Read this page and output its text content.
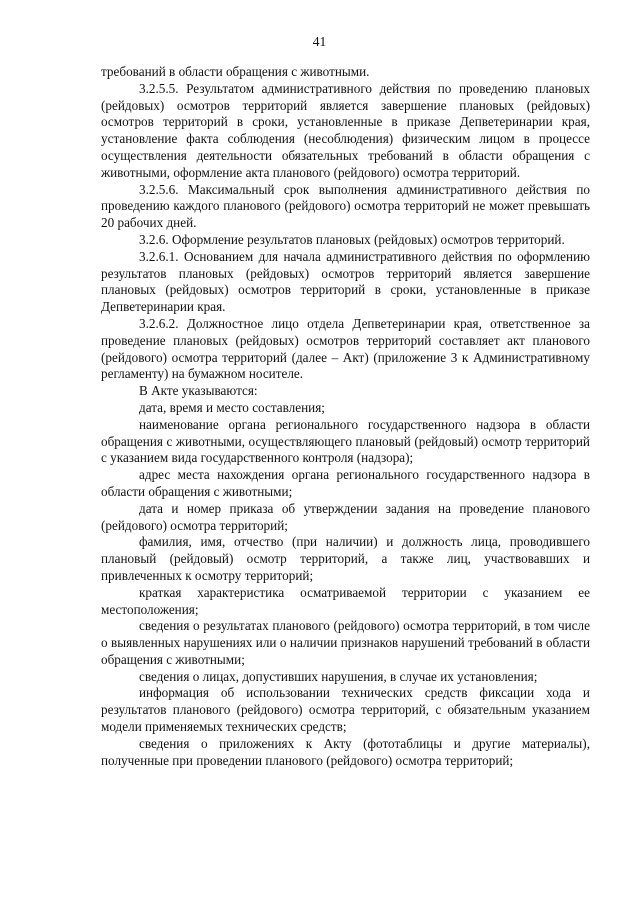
41

требований в области обращения с животными.

3.2.5.5. Результатом административного действия по проведению плановых (рейдовых) осмотров территорий является завершение плановых (рейдовых) осмотров территорий в сроки, установленные в приказе Депветеринарии края, установление факта соблюдения (несоблюдения) физическим лицом в процессе осуществления деятельности обязательных требований в области обращения с животными, оформление акта планового (рейдового) осмотра территорий.

3.2.5.6. Максимальный срок выполнения административного действия по проведению каждого планового (рейдового) осмотра территорий не может превышать 20 рабочих дней.

3.2.6. Оформление результатов плановых (рейдовых) осмотров территорий.

3.2.6.1. Основанием для начала административного действия по оформлению результатов плановых (рейдовых) осмотров территорий является завершение плановых (рейдовых) осмотров территорий в сроки, установленные в приказе Депветеринарии края.

3.2.6.2. Должностное лицо отдела Депветеринарии края, ответственное за проведение плановых (рейдовых) осмотров территорий составляет акт планового (рейдового) осмотра территорий (далее – Акт) (приложение 3 к Административному регламенту) на бумажном носителе.

В Акте указываются:

дата, время и место составления;

наименование органа регионального государственного надзора в области обращения с животными, осуществляющего плановый (рейдовый) осмотр территорий с указанием вида государственного контроля (надзора);

адрес места нахождения органа регионального государственного надзора в области обращения с животными;

дата и номер приказа об утверждении задания на проведение планового (рейдового) осмотра территорий;

фамилия, имя, отчество (при наличии) и должность лица, проводившего плановый (рейдовый) осмотр территорий, а также лиц, участвовавших и привлеченных к осмотру территорий;

краткая характеристика осматриваемой территории с указанием ее местоположения;

сведения о результатах планового (рейдового) осмотра территорий, в том числе о выявленных нарушениях или о наличии признаков нарушений требований в области обращения с животными;

сведения о лицах, допустивших нарушения, в случае их установления;

информация об использовании технических средств фиксации хода и результатов планового (рейдового) осмотра территорий, с обязательным указанием модели применяемых технических средств;

сведения о приложениях к Акту (фототаблицы и другие материалы), полученные при проведении планового (рейдового) осмотра территорий;
